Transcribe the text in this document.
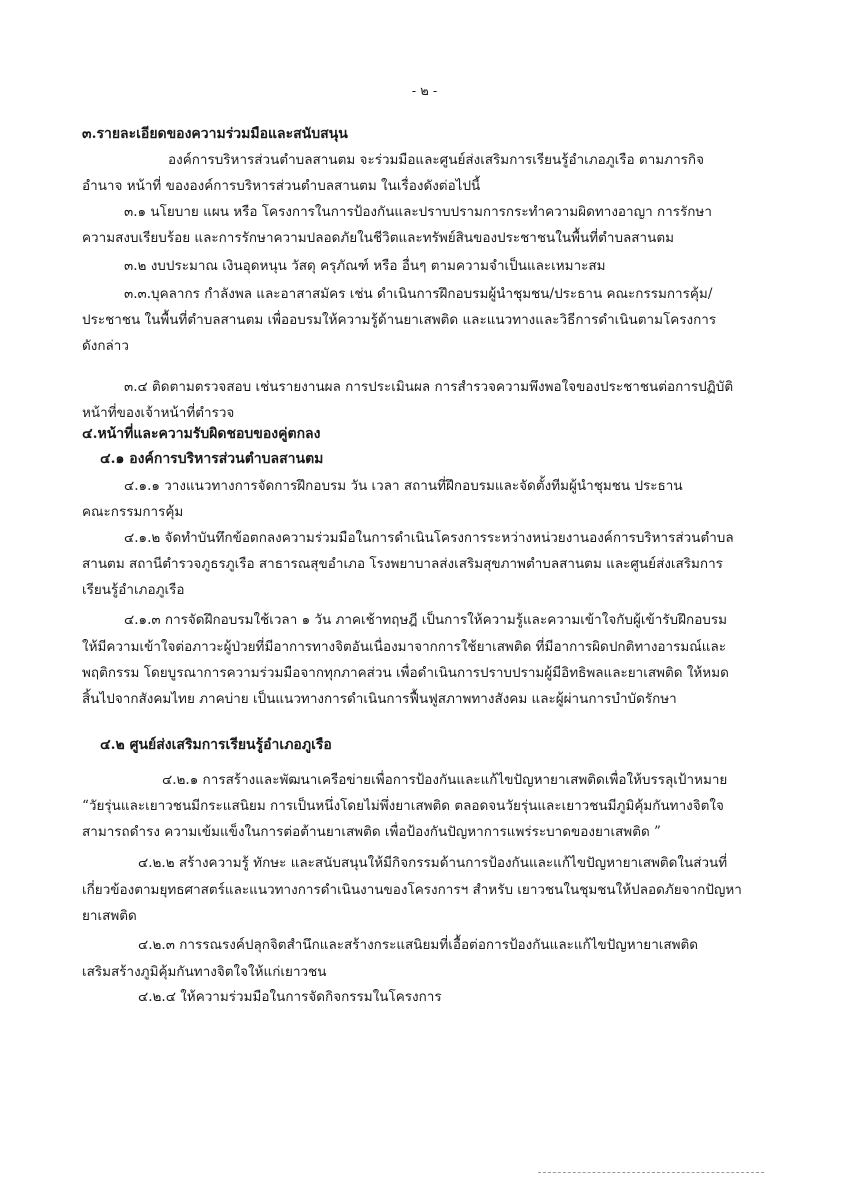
- ๒ -
๓.รายละเอียดของความร่วมมือและสนับสนุน

องค์การบริหารส่วนตำบลสานตม จะร่วมมือและศูนย์ส่งเสริมการเรียนรู้อำเภอภูเรือ ตามภารกิจ

อำนาจ หน้าที่ ขององค์การบริหารส่วนตำบลสานตม ในเรื่องดังต่อไปนี้

๓.๑ นโยบาย แผน หรือ โครงการในการป้องกันและปราบปรามการกระทำความผิดทางอาญา การรักษา

ความสงบเรียบร้อย และการรักษาความปลอดภัยในชีวิตและทรัพย์สินของประชาชนในพื้นที่ตำบลสานตม

๓.๒ งบประมาณ เงินอุดหนุน วัสดุ ครุภัณฑ์ หรือ อื่นๆ ตามความจำเป็นและเหมาะสม

๓.๓.บุคลากร กำลังพล และอาสาสมัคร เช่น ดำเนินการฝึกอบรมผู้นำชุมชน/ประธาน คณะกรรมการคุ้ม/

ประชาชน ในพื้นที่ตำบลสานตม เพื่ออบรมให้ความรู้ด้านยาเสพติด และแนวทางและวิธีการดำเนินตามโครงการ

ดังกล่าว

๓.๔ ติดตามตรวจสอบ เช่นรายงานผล การประเมินผล การสำรวจความพึงพอใจของประชาชนต่อการปฏิบัติ

หน้าที่ของเจ้าหน้าที่ตำรวจ

๔.หน้าที่และความรับผิดชอบของคู่ตกลง
๔.๑ องค์การบริหารส่วนตำบลสานตม

๔.๑.๑ วางแนวทางการจัดการฝึกอบรม วัน เวลา สถานที่ฝึกอบรมและจัดตั้งทีมผู้นำชุมชน ประธาน

คณะกรรมการคุ้ม

๔.๑.๒ จัดทำบันทึกข้อตกลงความร่วมมือในการดำเนินโครงการระหว่างหน่วยงานองค์การบริหารส่วนตำบล

สานตม สถานีตำรวจภูธรภูเรือ สาธารณสุขอำเภอ โรงพยาบาลส่งเสริมสุขภาพตำบลสานตม และศูนย์ส่งเสริมการ

เรียนรู้อำเภอภูเรือ

๔.๑.๓ การจัดฝึกอบรมใช้เวลา ๑ วัน ภาคเช้าทฤษฎี เป็นการให้ความรู้และความเข้าใจกับผู้เข้ารับฝึกอบรม

ให้มีความเข้าใจต่อภาวะผู้ป่วยที่มีอาการทางจิตอันเนื่องมาจากการใช้ยาเสพติด ที่มีอาการผิดปกติทางอารมณ์และ

พฤติกรรม โดยบูรณาการความร่วมมือจากทุกภาคส่วน เพื่อดำเนินการปราบปรามผู้มีอิทธิพลและยาเสพติด ให้หมด

สิ้นไปจากสังคมไทย ภาคบ่าย เป็นแนวทางการดำเนินการฟื้นฟูสภาพทางสังคม และผู้ผ่านการบำบัดรักษา

๔.๒ ศูนย์ส่งเสริมการเรียนรู้อำเภอภูเรือ

๔.๒.๑ การสร้างและพัฒนาเครือข่ายเพื่อการป้องกันและแก้ไขปัญหายาเสพติดเพื่อให้บรรลุเป้าหมาย

“วัยรุ่นและเยาวชนมีกระแสนิยม การเป็นหนึ่งโดยไม่พึ่งยาเสพติด ตลอดจนวัยรุ่นและเยาวชนมีภูมิคุ้มกันทางจิตใจ

สามารถดำรง ความเข้มแข็งในการต่อต้านยาเสพติด เพื่อป้องกันปัญหาการแพร่ระบาดของยาเสพติด ”

๔.๒.๒ สร้างความรู้ ทักษะ และสนับสนุนให้มีกิจกรรมด้านการป้องกันและแก้ไขปัญหายาเสพติดในส่วนที่

เกี่ยวข้องตามยุทธศาสตร์และแนวทางการดำเนินงานของโครงการฯ สำหรับ เยาวชนในชุมชนให้ปลอดภัยจากปัญหา

ยาเสพติด

๔.๒.๓ การรณรงค์ปลุกจิตสำนึกและสร้างกระแสนิยมที่เอื้อต่อการป้องกันและแก้ไขปัญหายาเสพติด

เสริมสร้างภูมิคุ้มกันทางจิตใจให้แก่เยาวชน

๔.๒.๔ ให้ความร่วมมือในการจัดกิจกรรมในโครงการ
